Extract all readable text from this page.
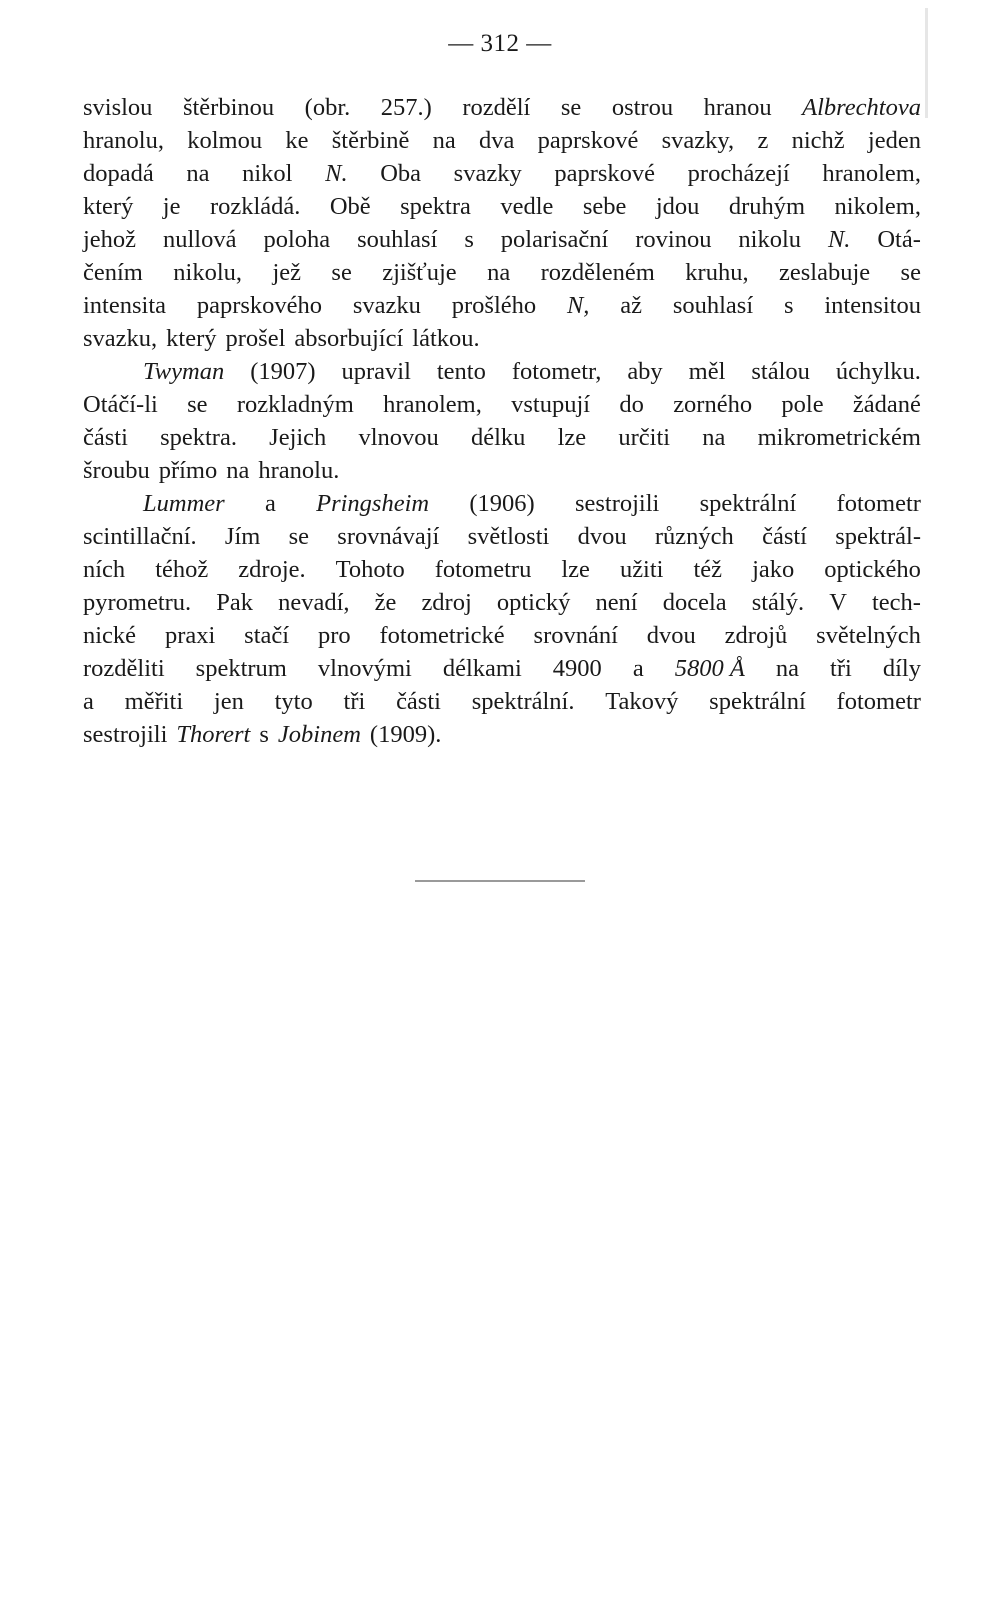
— 312 —
svislou štěrbinou (obr. 257.) rozdělí se ostrou hranou Albrechtova
hranolu, kolmou ke štěrbině na dva paprskové svazky, z nichž jeden
dopadá na nikol N. Oba svazky paprskové procházejí hranolem,
který je rozkládá. Obě spektra vedle sebe jdou druhým nikolem,
jehož nullová poloha souhlasí s polarisační rovinou nikolu N. Otá-
čením nikolu, jež se zjišťuje na rozděleném kruhu, zeslabuje se
intensita paprskového svazku prošlého N, až souhlasí s intensitou
svazku, který prošel absorbující látkou.
Twyman (1907) upravil tento fotometr, aby měl stálou úchylku.
Otáčí-li se rozkladným hranolem, vstupují do zorného pole žádané
části spektra. Jejich vlnovou délku lze určiti na mikrometrickém
šroubu přímo na hranolu.
Lummer a Pringsheim (1906) sestrojili spektrální fotometr
scintillační. Jím se srovnávají světlosti dvou různých částí spektrál-
ních téhož zdroje. Tohoto fotometru lze užiti též jako optického
pyrometru. Pak nevadí, že zdroj optický není docela stálý. V tech-
nické praxi stačí pro fotometrické srovnání dvou zdrojů světelných
rozděliti spektrum vlnovými délkami 4900 a 5800 Å na tři díly
a měřiti jen tyto tři části spektrální. Takový spektrální fotometr
sestrojili Thorert s Jobinem (1909).
